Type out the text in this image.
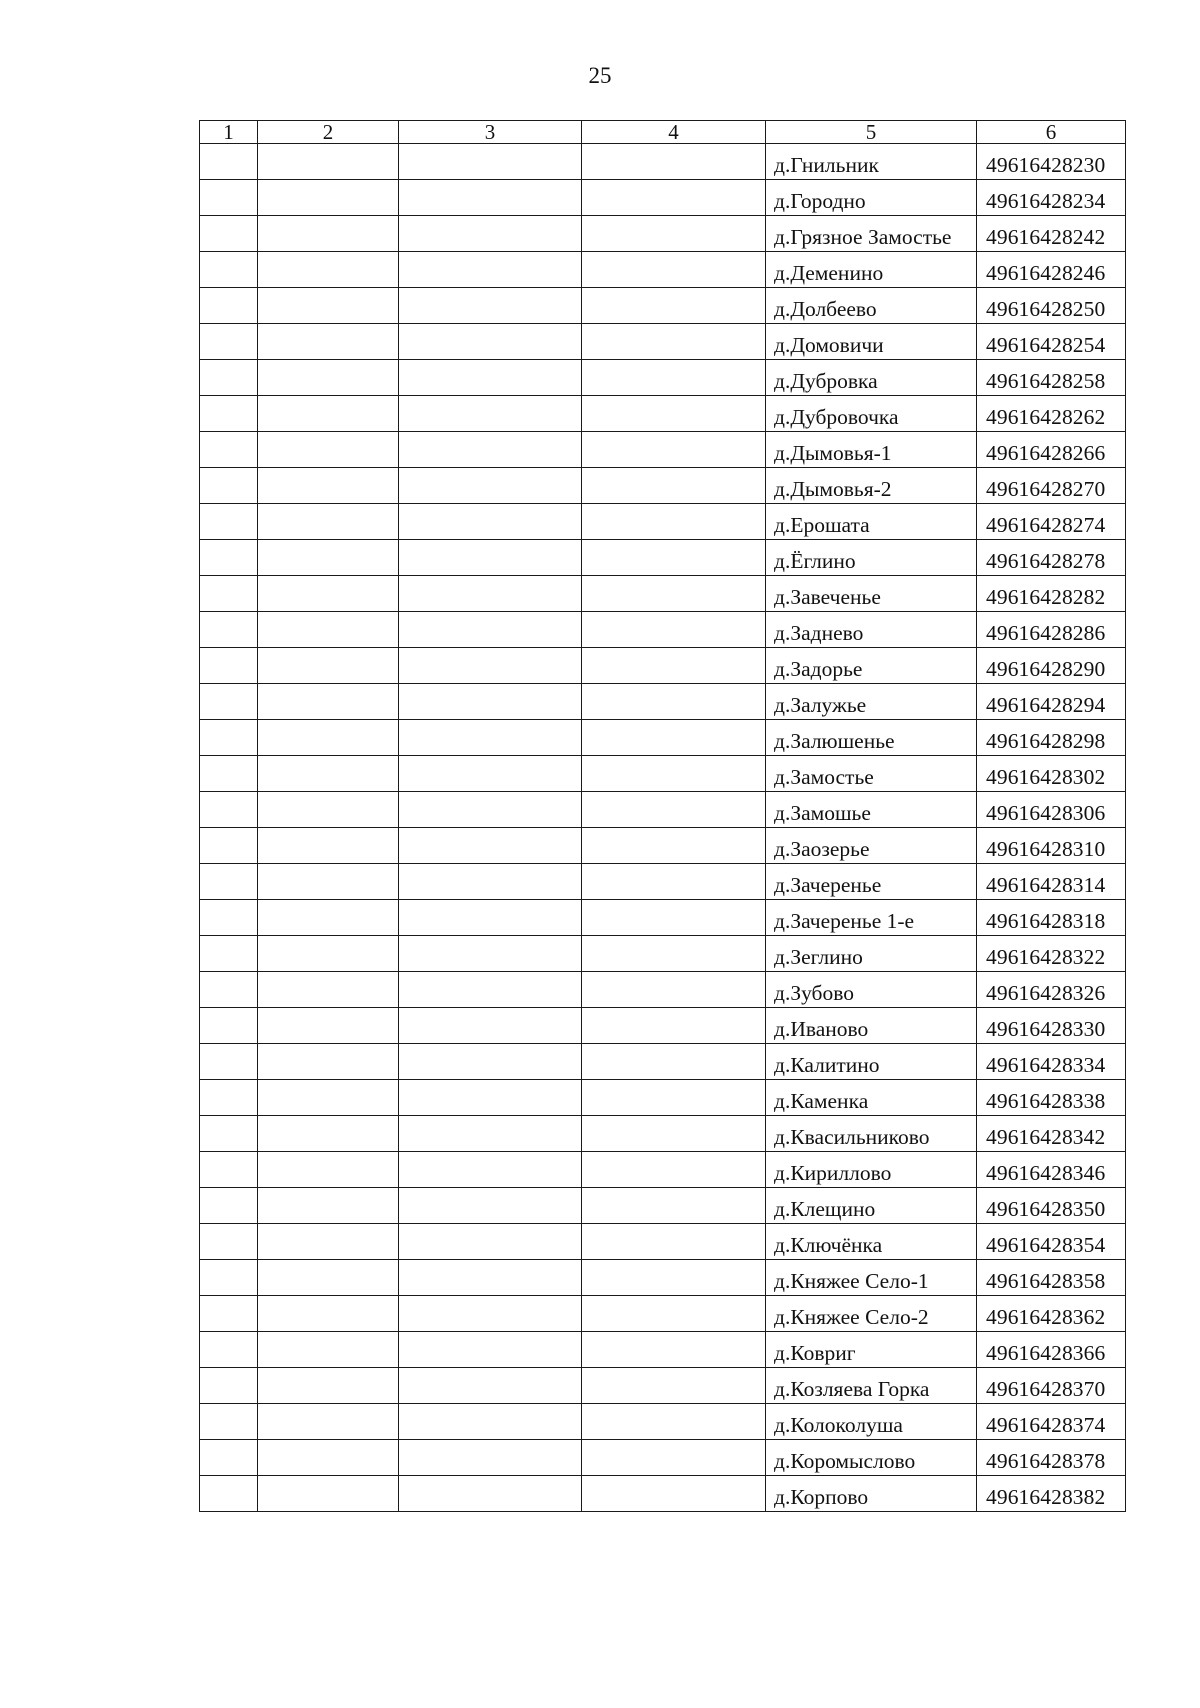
25
1	2	3	4	5	6
				д.Гнильник	49616428230
				д.Городно	49616428234
				д.Грязное Замостье	49616428242
				д.Деменино	49616428246
				д.Долбеево	49616428250
				д.Домовичи	49616428254
				д.Дубровка	49616428258
				д.Дубровочка	49616428262
				д.Дымовья-1	49616428266
				д.Дымовья-2	49616428270
				д.Ерошата	49616428274
				д.Ёглино	49616428278
				д.Завеченье	49616428282
				д.Заднево	49616428286
				д.Задорье	49616428290
				д.Залужье	49616428294
				д.Залюшенье	49616428298
				д.Замостье	49616428302
				д.Замошье	49616428306
				д.Заозерье	49616428310
				д.Зачеренье	49616428314
				д.Зачеренье 1-е	49616428318
				д.Зеглино	49616428322
				д.Зубово	49616428326
				д.Иваново	49616428330
				д.Калитино	49616428334
				д.Каменка	49616428338
				д.Квасильниково	49616428342
				д.Кириллово	49616428346
				д.Клещино	49616428350
				д.Ключёнка	49616428354
				д.Княжее Село-1	49616428358
				д.Княжее Село-2	49616428362
				д.Ковриг	49616428366
				д.Козляева Горка	49616428370
				д.Колоколуша	49616428374
				д.Коромыслово	49616428378
				д.Корпово	49616428382
